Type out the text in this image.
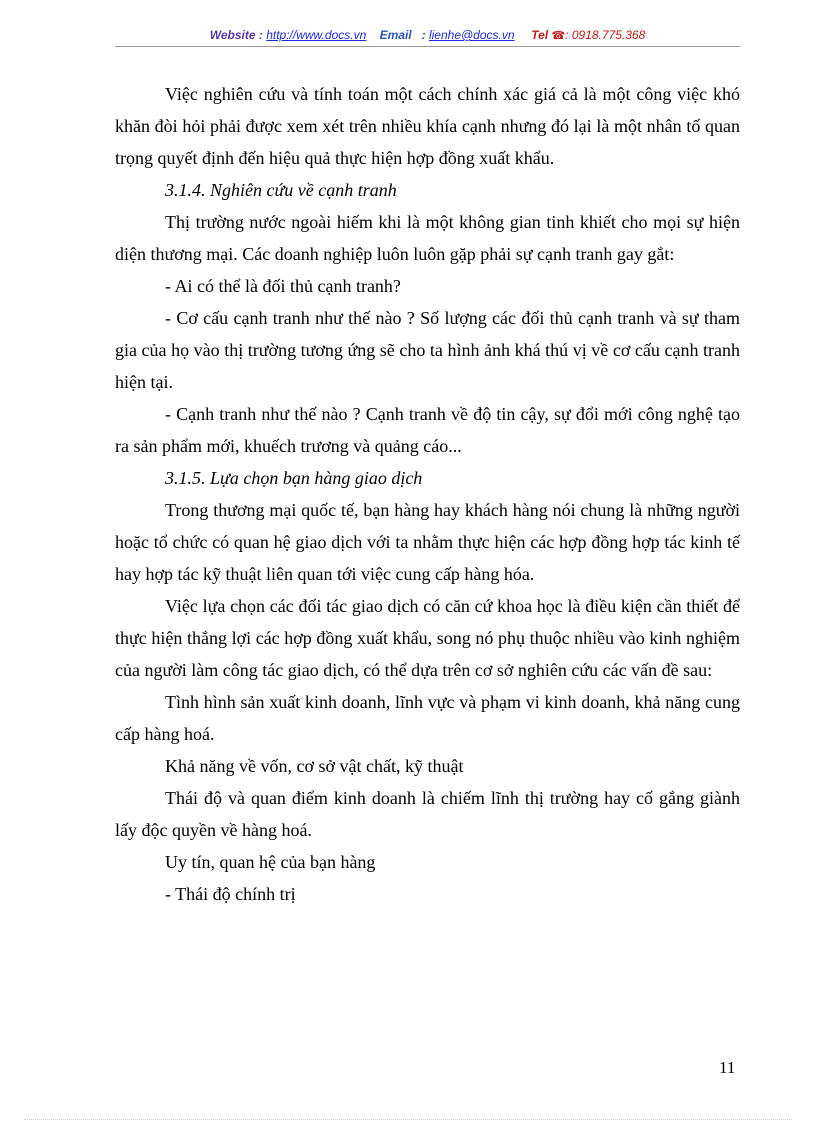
Website : http://www.docs.vn Email : lienhe@docs.vn Tel ☎: 0918.775.368

Việc nghiên cứu và tính toán một cách chính xác giá cả là một công việc khó khăn đòi hỏi phải được xem xét trên nhiều khía cạnh nhưng đó lại là một nhân tố quan trọng quyết định đến hiệu quả thực hiện hợp đồng xuất khẩu.

3.1.4. Nghiên cứu về cạnh tranh

Thị trường nước ngoài hiếm khi là một không gian tinh khiết cho mọi sự hiện diện thương mại. Các doanh nghiệp luôn luôn gặp phải sự cạnh tranh gay gắt:

- Ai có thể là đối thủ cạnh tranh?

- Cơ cấu cạnh tranh như thế nào ? Số lượng các đối thủ cạnh tranh và sự tham gia của họ vào thị trường tương ứng sẽ cho ta hình ảnh khá thú vị về cơ cấu cạnh tranh hiện tại.

- Cạnh tranh như thế nào ? Cạnh tranh về độ tin cậy, sự đổi mới công nghệ tạo ra sản phẩm mới, khuếch trương và quảng cáo...

3.1.5. Lựa chọn bạn hàng giao dịch

Trong thương mại quốc tế, bạn hàng hay khách hàng nói chung là những người hoặc tổ chức có quan hệ giao dịch với ta nhằm thực hiện các hợp đồng hợp tác kinh tế hay hợp tác kỹ thuật liên quan tới việc cung cấp hàng hóa.

Việc lựa chọn các đối tác giao dịch có căn cứ khoa học là điều kiện cần thiết để thực hiện thắng lợi các hợp đồng xuất khẩu, song nó phụ thuộc nhiều vào kinh nghiệm của người làm công tác giao dịch, có thể dựa trên cơ sở nghiên cứu các vấn đề sau:

Tình hình sản xuất kinh doanh, lĩnh vực và phạm vi kinh doanh, khả năng cung cấp hàng hoá.

Khả năng về vốn, cơ sở vật chất, kỹ thuật

Thái độ và quan điểm kinh doanh là chiếm lĩnh thị trường hay cố gắng giành lấy độc quyền về hàng hoá.

Uy tín, quan hệ của bạn hàng

- Thái độ chính trị

11
